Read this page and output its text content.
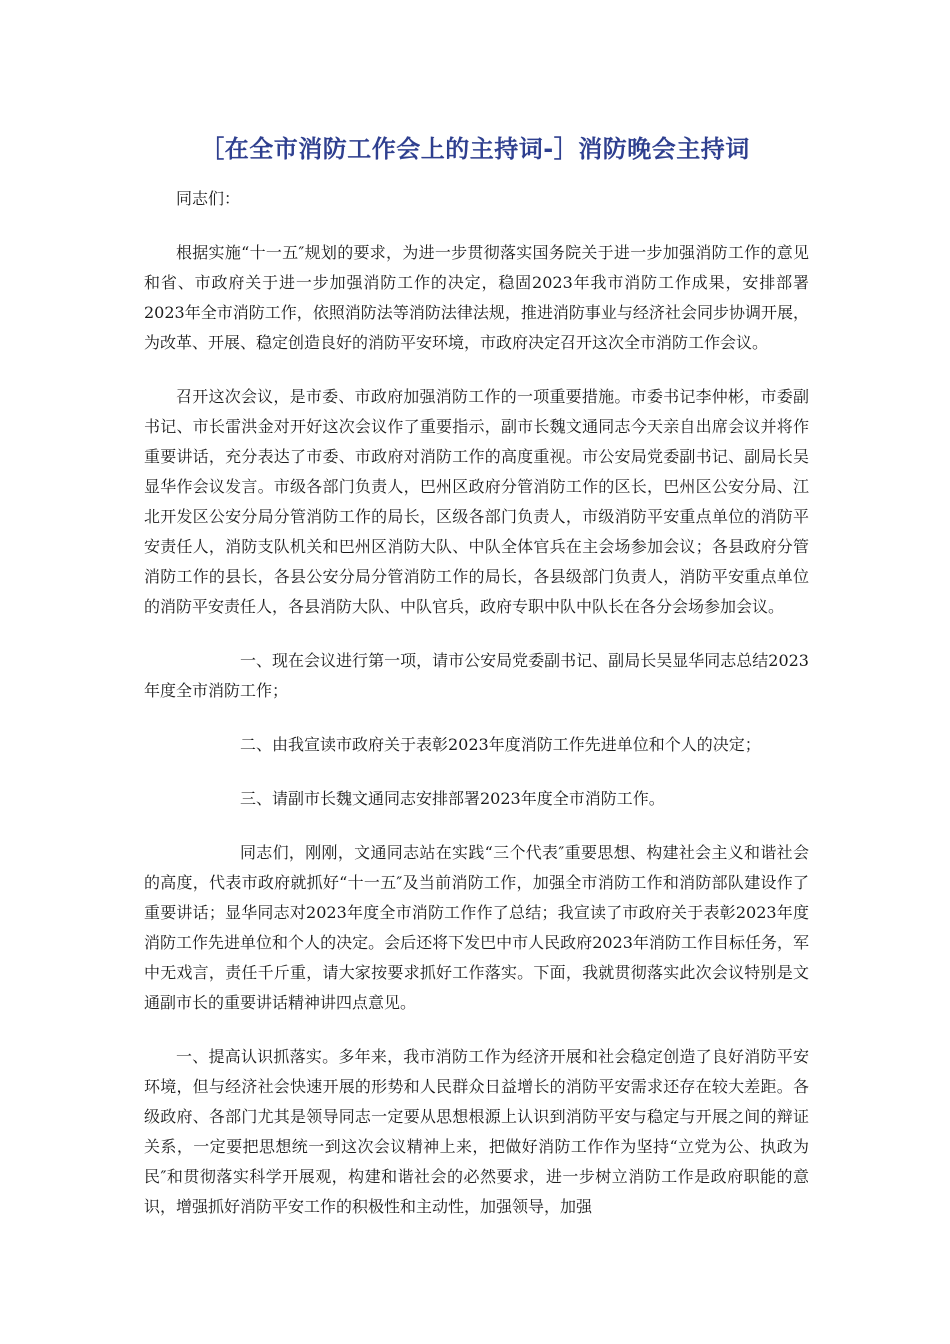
［在全市消防工作会上的主持词-］消防晚会主持词

同志们：

根据实施“十一五″规划的要求，为进一步贯彻落实国务院关于进一步加强消防工作的意见和省、市政府关于进一步加强消防工作的决定，稳固2023年我市消防工作成果，安排部署2023年全市消防工作，依照消防法等消防法律法规，推进消防事业与经济社会同步协调开展，为改革、开展、稳定创造良好的消防平安环境，市政府决定召开这次全市消防工作会议。

召开这次会议，是市委、市政府加强消防工作的一项重要措施。市委书记李仲彬，市委副书记、市长雷洪金对开好这次会议作了重要指示，副市长魏文通同志今天亲自出席会议并将作重要讲话，充分表达了市委、市政府对消防工作的高度重视。市公安局党委副书记、副局长吴显华作会议发言。市级各部门负责人，巴州区政府分管消防工作的区长，巴州区公安分局、江北开发区公安分局分管消防工作的局长，区级各部门负责人，市级消防平安重点单位的消防平安责任人，消防支队机关和巴州区消防大队、中队全体官兵在主会场参加会议；各县政府分管消防工作的县长，各县公安分局分管消防工作的局长，各县级部门负责人，消防平安重点单位的消防平安责任人，各县消防大队、中队官兵，政府专职中队中队长在各分会场参加会议。

一、现在会议进行第一项，请市公安局党委副书记、副局长吴显华同志总结2023年度全市消防工作；

二、由我宣读市政府关于表彰2023年度消防工作先进单位和个人的决定；

三、请副市长魏文通同志安排部署2023年度全市消防工作。

同志们，刚刚，文通同志站在实践“三个代表″重要思想、构建社会主义和谐社会的高度，代表市政府就抓好“十一五″及当前消防工作，加强全市消防工作和消防部队建设作了重要讲话；显华同志对2023年度全市消防工作作了总结；我宣读了市政府关于表彰2023年度消防工作先进单位和个人的决定。会后还将下发巴中市人民政府2023年消防工作目标任务，军中无戏言，责任千斤重，请大家按要求抓好工作落实。下面，我就贯彻落实此次会议特别是文通副市长的重要讲话精神讲四点意见。

一、提高认识抓落实。多年来，我市消防工作为经济开展和社会稳定创造了良好消防平安环境，但与经济社会快速开展的形势和人民群众日益增长的消防平安需求还存在较大差距。各级政府、各部门尤其是领导同志一定要从思想根源上认识到消防平安与稳定与开展之间的辩证关系，一定要把思想统一到这次会议精神上来，把做好消防工作作为坚持“立党为公、执政为民″和贯彻落实科学开展观，构建和谐社会的必然要求，进一步树立消防工作是政府职能的意识，增强抓好消防平安工作的积极性和主动性，加强领导，加强
